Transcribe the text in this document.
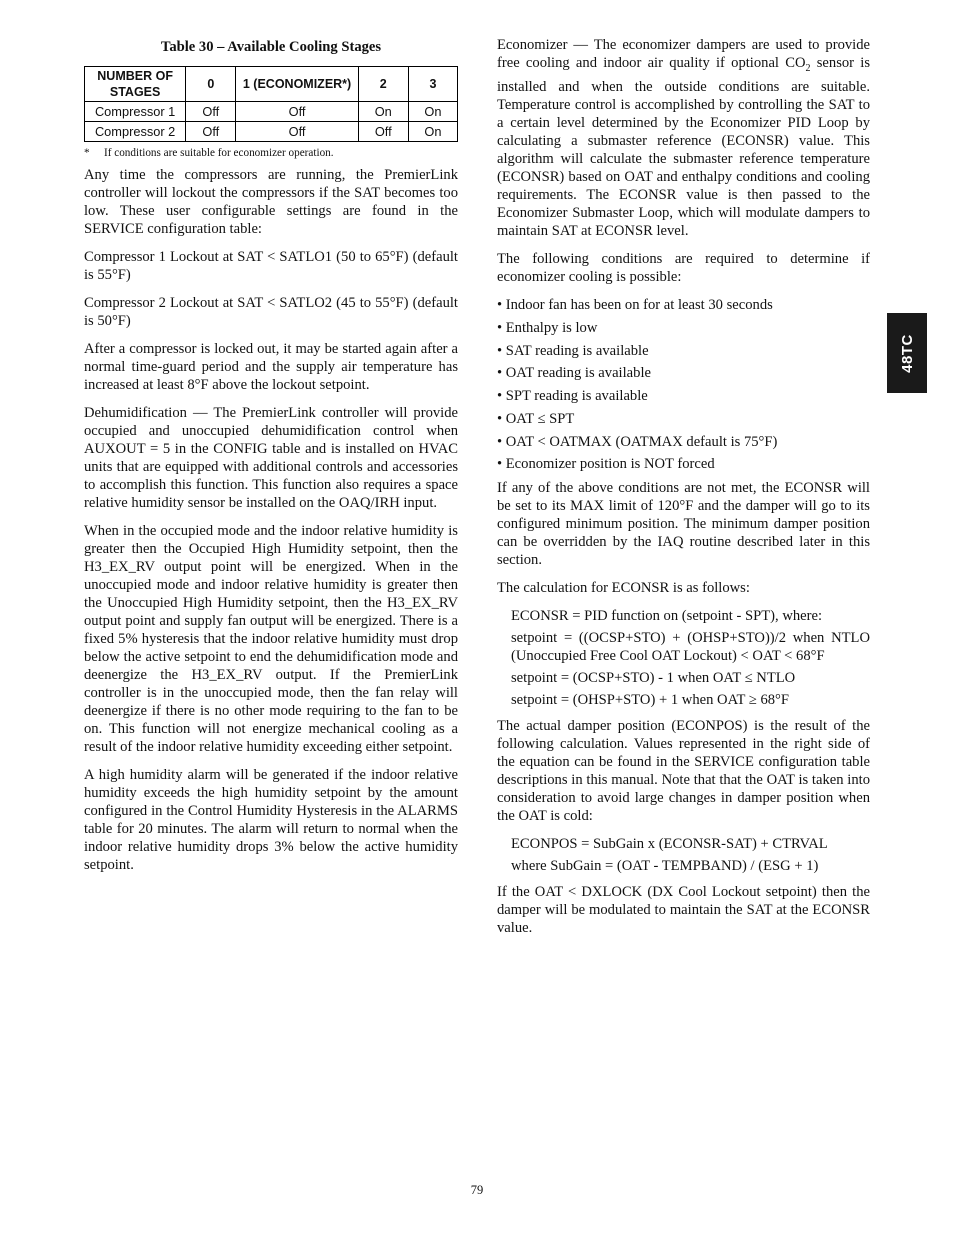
Table 30 – Available Cooling Stages
NUMBER OF STAGES	0	1 (ECONOMIZER*)	2	3
Compressor 1	Off	Off	On	On
Compressor 2	Off	Off	Off	On
* If conditions are suitable for economizer operation.

Any time the compressors are running, the PremierLink controller will lockout the compressors if the SAT becomes too low. These user configurable settings are found in the SERVICE configuration table:

Compressor 1 Lockout at SAT < SATLO1 (50 to 65°F) (default is 55°F)

Compressor 2 Lockout at SAT < SATLO2 (45 to 55°F) (default is 50°F)

After a compressor is locked out, it may be started again after a normal time-guard period and the supply air temperature has increased at least 8°F above the lockout setpoint.

Dehumidification — The PremierLink controller will provide occupied and unoccupied dehumidification control when AUXOUT = 5 in the CONFIG table and is installed on HVAC units that are equipped with additional controls and accessories to accomplish this function. This function also requires a space relative humidity sensor be installed on the OAQ/IRH input.

When in the occupied mode and the indoor relative humidity is greater then the Occupied High Humidity setpoint, then the H3_EX_RV output point will be energized. When in the unoccupied mode and indoor relative humidity is greater then the Unoccupied High Humidity setpoint, then the H3_EX_RV output point and supply fan output will be energized. There is a fixed 5% hysteresis that the indoor relative humidity must drop below the active setpoint to end the dehumidification mode and deenergize the H3_EX_RV output. If the PremierLink controller is in the unoccupied mode, then the fan relay will deenergize if there is no other mode requiring to the fan to be on. This function will not energize mechanical cooling as a result of the indoor relative humidity exceeding either setpoint.

A high humidity alarm will be generated if the indoor relative humidity exceeds the high humidity setpoint by the amount configured in the Control Humidity Hysteresis in the ALARMS table for 20 minutes. The alarm will return to normal when the indoor relative humidity drops 3% below the active humidity setpoint.

Economizer — The economizer dampers are used to provide free cooling and indoor air quality if optional $CO_2$ sensor is installed and when the outside conditions are suitable. Temperature control is accomplished by controlling the SAT to a certain level determined by the Economizer PID Loop by calculating a submaster reference (ECONSR) value. This algorithm will calculate the submaster reference temperature (ECONSR) based on OAT and enthalpy conditions and cooling requirements. The ECONSR value is then passed to the Economizer Submaster Loop, which will modulate dampers to maintain SAT at ECONSR level.

The following conditions are required to determine if economizer cooling is possible:

• Indoor fan has been on for at least 30 seconds
• Enthalpy is low
• SAT reading is available
• OAT reading is available
• SPT reading is available
• OAT ≤ SPT
• OAT < OATMAX (OATMAX default is 75°F)
• Economizer position is NOT forced

If any of the above conditions are not met, the ECONSR will be set to its MAX limit of 120°F and the damper will go to its configured minimum position. The minimum damper position can be overridden by the IAQ routine described later in this section.

The calculation for ECONSR is as follows:

ECONSR = PID function on (setpoint - SPT), where:
setpoint = ((OCSP+STO) + (OHSP+STO))/2 when NTLO (Unoccupied Free Cool OAT Lockout) < OAT < 68°F
setpoint = (OCSP+STO) - 1 when OAT ≤ NTLO
setpoint = (OHSP+STO) + 1 when OAT ≥ 68°F

The actual damper position (ECONPOS) is the result of the following calculation. Values represented in the right side of the equation can be found in the SERVICE configuration table descriptions in this manual. Note that that the OAT is taken into consideration to avoid large changes in damper position when the OAT is cold:

ECONPOS = SubGain x (ECONSR-SAT) + CTRVAL
where SubGain = (OAT - TEMPBAND) / (ESG + 1)

If the OAT < DXLOCK (DX Cool Lockout setpoint) then the damper will be modulated to maintain the SAT at the ECONSR value.

48TC
79
